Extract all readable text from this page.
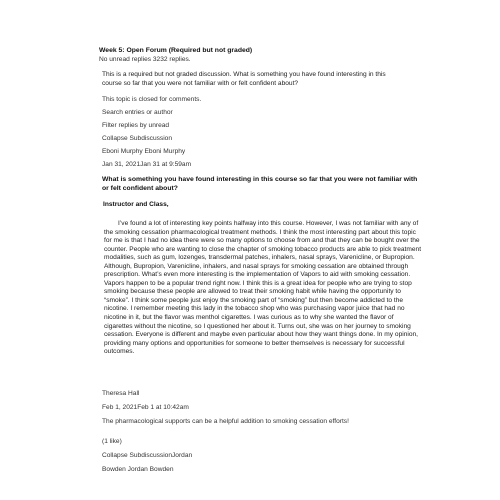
Week 5: Open Forum (Required but not graded)
No unread replies 3232 replies.
This is a required but not graded discussion. What is something you have found interesting in this course so far that you were not familiar with or felt confident about?
This topic is closed for comments.
Search entries or author
Filter replies by unread
Collapse Subdiscussion
Eboni Murphy Eboni Murphy
Jan 31, 2021Jan 31 at 9:59am
What is something you have found interesting in this course so far that you were not familiar with or felt confident about?
Instructor and Class,

I’ve found a lot of interesting key points halfway into this course. However, I was not familiar with any of the smoking cessation pharmacological treatment methods. I think the most interesting part about this topic for me is that I had no idea there were so many options to choose from and that they can be bought over the counter. People who are wanting to close the chapter of smoking tobacco products are able to pick treatment modalities, such as gum, lozenges, transdermal patches, inhalers, nasal sprays, Varenicline, or Bupropion. Although, Bupropion, Varenicline, inhalers, and nasal sprays for smoking cessation are obtained through prescription. What’s even more interesting is the implementation of Vapors to aid with smoking cessation. Vapors happen to be a popular trend right now. I think this is a great idea for people who are trying to stop smoking because these people are allowed to treat their smoking habit while having the opportunity to “smoke”. I think some people just enjoy the smoking part of “smoking” but then become addicted to the nicotine. I remember meeting this lady in the tobacco shop who was purchasing vapor juice that had no nicotine in it, but the flavor was menthol cigarettes. I was curious as to why she wanted the flavor of cigarettes without the nicotine, so I questioned her about it. Turns out, she was on her journey to smoking cessation. Everyone is different and maybe even particular about how they want things done. In my opinion, providing many options and opportunities for someone to better themselves is necessary for successful outcomes.

Theresa Hall
Feb 1, 2021Feb 1 at 10:42am
The pharmacological supports can be a helpful addition to smoking cessation efforts!
(1 like)
Collapse SubdiscussionJordan
Bowden Jordan Bowden
